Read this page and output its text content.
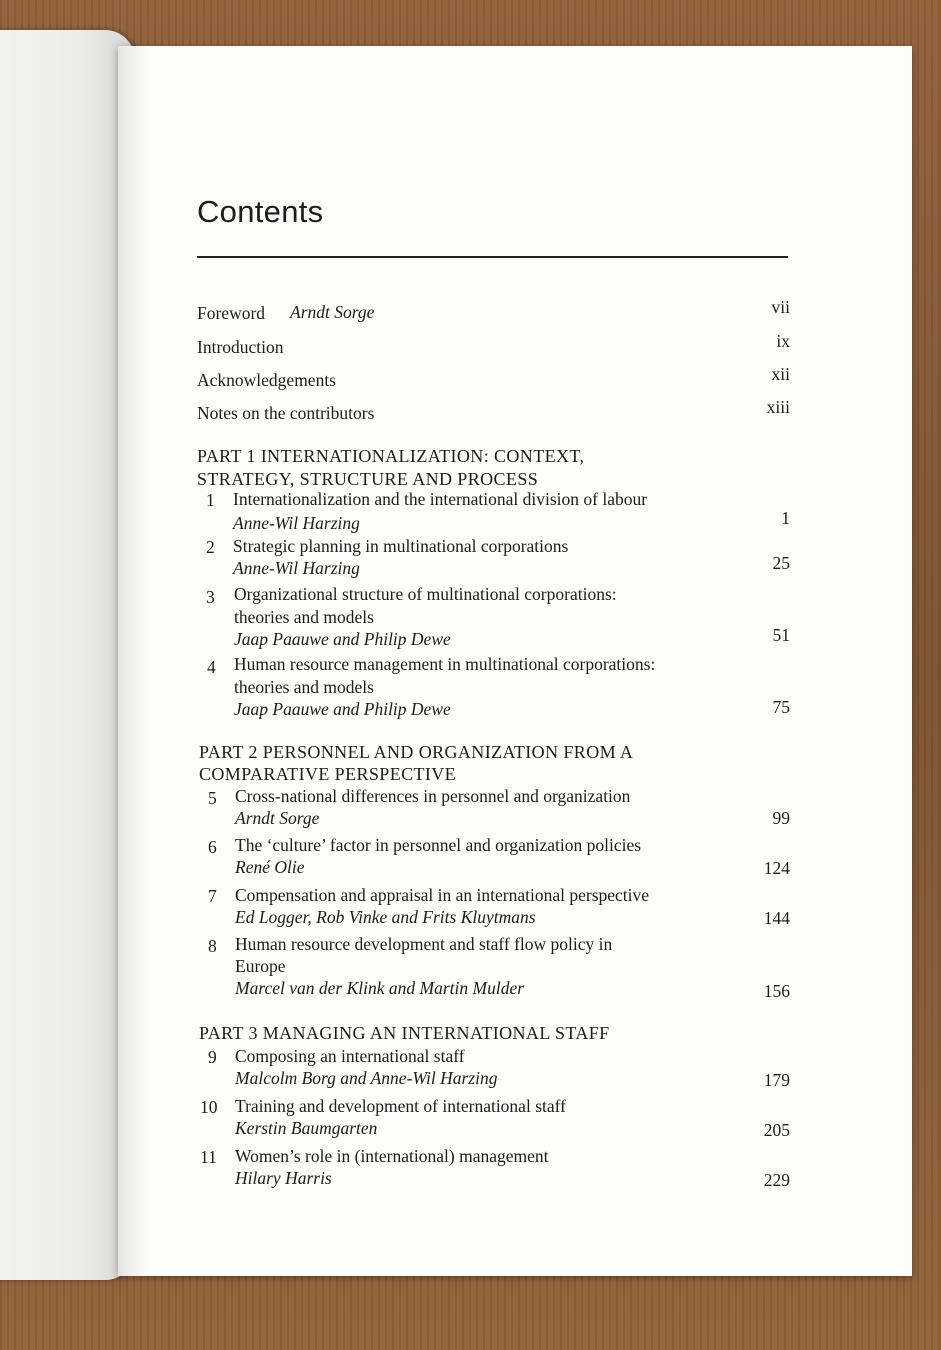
Contents
Foreword Arndt Sorge	vii
Introduction	ix
Acknowledgements	xii
Notes on the contributors	xiii
PART 1 INTERNATIONALIZATION: CONTEXT,
STRATEGY, STRUCTURE AND PROCESS
1 Internationalization and the international division of labour
Anne-Wil Harzing	1
2 Strategic planning in multinational corporations
Anne-Wil Harzing	25
3 Organizational structure of multinational corporations:
theories and models
Jaap Paauwe and Philip Dewe	51
4 Human resource management in multinational corporations:
theories and models
Jaap Paauwe and Philip Dewe	75
PART 2 PERSONNEL AND ORGANIZATION FROM A
COMPARATIVE PERSPECTIVE
5 Cross-national differences in personnel and organization
Arndt Sorge	99
6 The ‘culture’ factor in personnel and organization policies
René Olie	124
7 Compensation and appraisal in an international perspective
Ed Logger, Rob Vinke and Frits Kluytmans	144
8 Human resource development and staff flow policy in
Europe
Marcel van der Klink and Martin Mulder	156
PART 3 MANAGING AN INTERNATIONAL STAFF
9 Composing an international staff
Malcolm Borg and Anne-Wil Harzing	179
10 Training and development of international staff
Kerstin Baumgarten	205
11 Women’s role in (international) management
Hilary Harris	229
